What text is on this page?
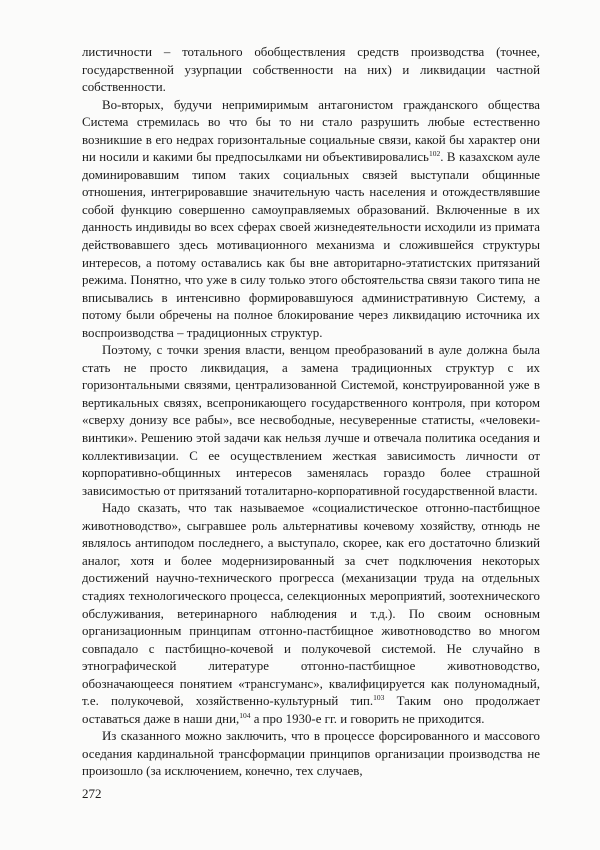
листичности – тотального обобществления средств производства (точнее, государственной узурпации собственности на них) и ликвидации частной собственности.

Во-вторых, будучи непримиримым антагонистом гражданского общества Система стремилась во что бы то ни стало разрушить любые естественно возникшие в его недрах горизонтальные социальные связи, какой бы характер они ни носили и какими бы предпосылками ни объективировались$^{102}$. В казахском ауле доминировавшим типом таких социальных связей выступали общинные отношения, интегрировавшие значительную часть населения и отождествлявшие собой функцию совершенно самоуправляемых образований. Включенные в их данность индивиды во всех сферах своей жизнедеятельности исходили из примата действовавшего здесь мотивационного механизма и сложившейся структуры интересов, а потому оставались как бы вне авторитарно-этатистских притязаний режима. Понятно, что уже в силу только этого обстоятельства связи такого типа не вписывались в интенсивно формировавшуюся административную Систему, а потому были обречены на полное блокирование через ликвидацию источника их воспроизводства – традиционных структур.

Поэтому, с точки зрения власти, венцом преобразований в ауле должна была стать не просто ликвидация, а замена традиционных структур с их горизонтальными связями, централизованной Системой, конструированной уже в вертикальных связях, всепроникающего государственного контроля, при котором «сверху донизу все рабы», все несвободные, несуверенные статисты, «человеки-винтики». Решению этой задачи как нельзя лучше и отвечала политика оседания и коллективизации. С ее осуществлением жесткая зависимость личности от корпоративно-общинных интересов заменялась гораздо более страшной зависимостью от притязаний тоталитарно-корпоративной государственной власти.

Надо сказать, что так называемое «социалистическое отгонно-пастбищное животноводство», сыгравшее роль альтернативы кочевому хозяйству, отнюдь не являлось антиподом последнего, а выступало, скорее, как его достаточно близкий аналог, хотя и более модернизированный за счет подключения некоторых достижений научно-технического прогресса (механизации труда на отдельных стадиях технологического процесса, селекционных мероприятий, зоотехнического обслуживания, ветеринарного наблюдения и т.д.). По своим основным организационным принципам отгонно-пастбищное животноводство во многом совпадало с пастбищно-кочевой и полукочевой системой. Не случайно в этнографической литературе отгонно-пастбищное животноводство, обозначающееся понятием «трансгуманс», квалифицируется как полуномадный, т.е. полукочевой, хозяйственно-культурный тип.$^{103}$ Таким оно продолжает оставаться даже в наши дни,$^{104}$ а про 1930-е гг. и говорить не приходится.

Из сказанного можно заключить, что в процессе форсированного и массового оседания кардинальной трансформации принципов организации производства не произошло (за исключением, конечно, тех случаев,

272
